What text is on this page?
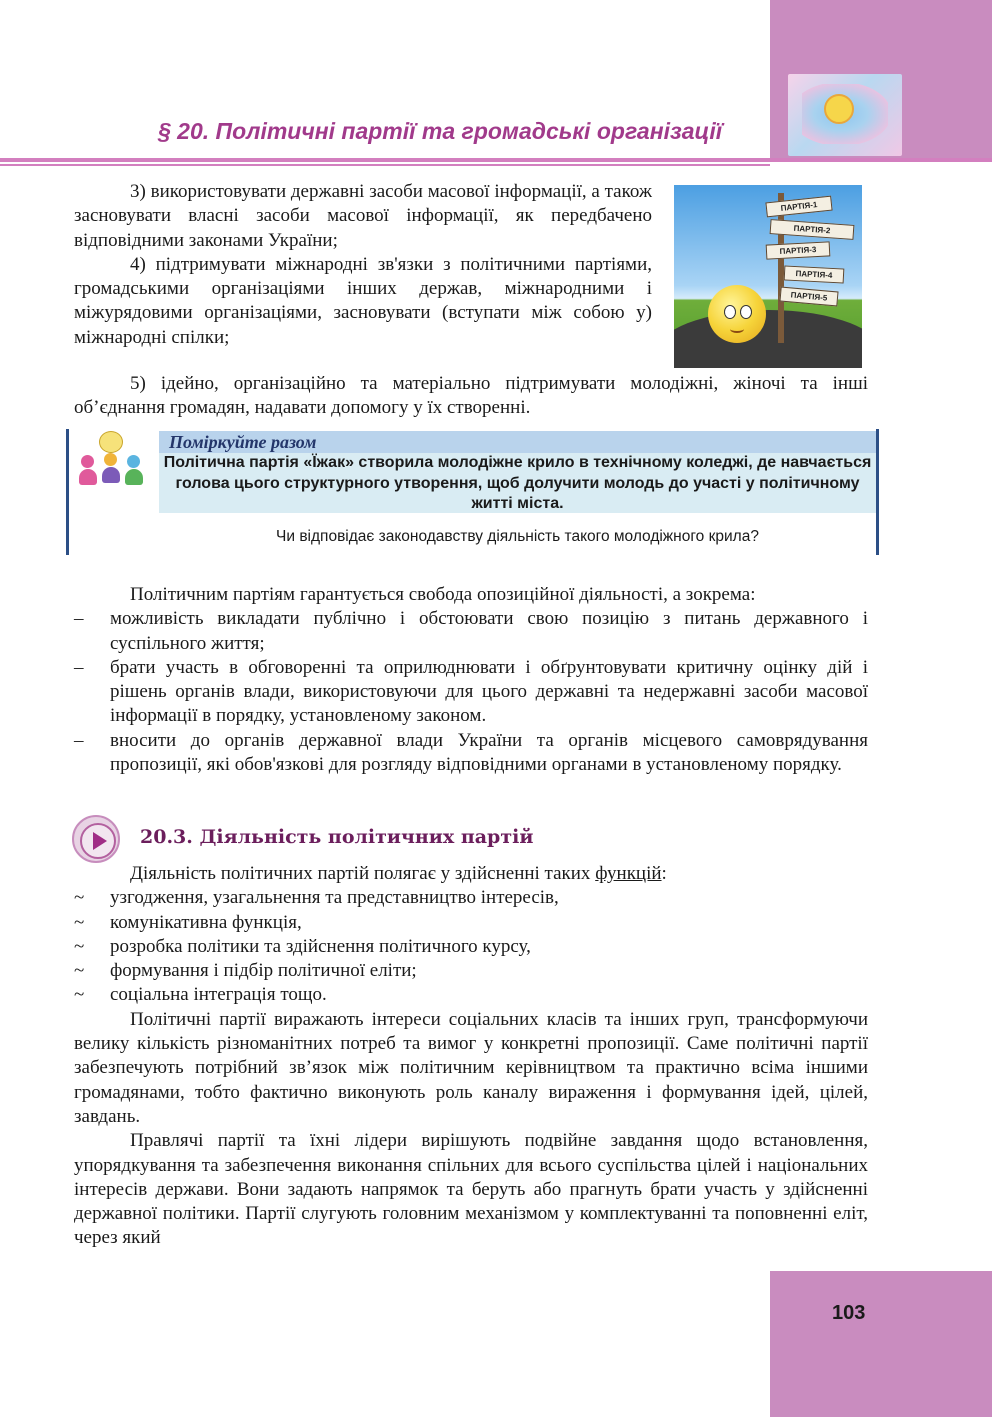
§ 20. Політичні партії та громадські організації

3) використовувати державні засоби масової інформації, а також засновувати власні засоби масової інформації, як передбачено відповідними законами України;

4) підтримувати міжнародні зв'язки з політичними партіями, громадськими організаціями інших держав, міжнародними і міжурядовими організаціями, засновувати (вступати між собою у) міжнародні спілки;

ПАРТІЯ-1
ПАРТІЯ-2
ПАРТІЯ-3
ПАРТІЯ-4
ПАРТІЯ-5

5) ідейно, організаційно та матеріально підтримувати молодіжні, жіночі та інші об’єднання громадян, надавати допомогу у їх створенні.

Поміркуйте разом
Політична партія «Їжак» створила молодіжне крило в технічному коледжі, де навчається голова цього структурного утворення, щоб долучити молодь до участі у політичному житті міста.
Чи відповідає законодавству діяльність такого молодіжного крила?

Політичним партіям гарантується свобода опозиційної діяльності, а зокрема:

– можливість викладати публічно і обстоювати свою позицію з питань державного і суспільного життя;
– брати участь в обговоренні та оприлюднювати і обґрунтовувати критичну оцінку дій і рішень органів влади, використовуючи для цього державні та недержавні засоби масової інформації в порядку, установленому законом.
– вносити до органів державної влади України та органів місцевого самоврядування пропозиції, які обов'язкові для розгляду відповідними органами в установленому порядку.
20.3. Діяльність політичних партій

Діяльність політичних партій полягає у здійсненні таких функцій:

~ узгодження, узагальнення та представництво інтересів,
~ комунікативна функція,
~ розробка політики та здійснення політичного курсу,
~ формування і підбір політичної еліти;
~ соціальна інтеграція тощо.

Політичні партії виражають інтереси соціальних класів та інших груп, трансформуючи велику кількість різноманітних потреб та вимог у конкретні пропозиції. Саме політичні партії забезпечують потрібний зв’язок між політичним керівництвом та практично всіма іншими громадянами, тобто фактично виконують роль каналу вираження і формування ідей, цілей, завдань.

Правлячі партії та їхні лідери вирішують подвійне завдання щодо встановлення, упорядкування та забезпечення виконання спільних для всього суспільства цілей і національних інтересів держави. Вони задають напрямок та беруть або прагнуть брати участь у здійсненні державної політики. Партії слугують головним механізмом у комплектуванні та поповненні еліт, через який

103
